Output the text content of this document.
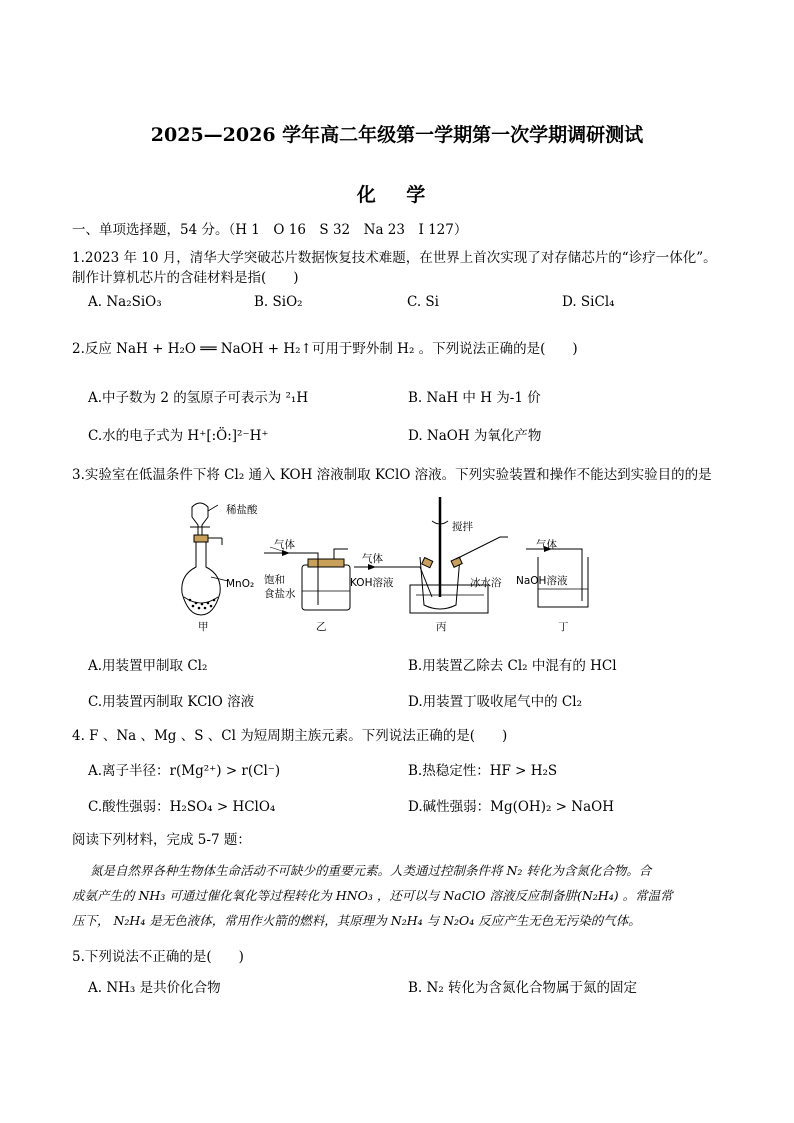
2025—2026 学年高二年级第一学期第一次学期调研测试
化 学
一、单项选择题，54 分。（H 1　O 16　S 32　Na 23　I 127）
1.2023 年 10 月，清华大学突破芯片数据恢复技术难题，在世界上首次实现了对存储芯片的“诊疗一体化”。
制作计算机芯片的含硅材料是指(　　)
A. Na₂SiO₃	B. SiO₂	C. Si	D. SiCl₄
2.反应 NaH + H₂O ══ NaOH + H₂↑可用于野外制 H₂ 。下列说法正确的是(　　)
A.中子数为 2 的氢原子可表示为 ²₁H	B. NaH 中 H 为-1 价
C.水的电子式为 H⁺[:Ö:]²⁻H⁺	D. NaOH 为氧化产物
3.实验室在低温条件下将 Cl₂ 通入 KOH 溶液制取 KClO 溶液。下列实验装置和操作不能达到实验目的的是
稀盐酸
MnO₂
甲
气体
饱和
食盐水
乙
搅拌
气体
KOH溶液	冰水浴
丙
气体
NaOH溶液
丁
A.用装置甲制取 Cl₂	B.用装置乙除去 Cl₂ 中混有的 HCl
C.用装置丙制取 KClO 溶液	D.用装置丁吸收尾气中的 Cl₂
4. F 、Na 、Mg 、S 、Cl 为短周期主族元素。下列说法正确的是(　　)
A.离子半径：r(Mg²⁺) > r(Cl⁻)	B.热稳定性：HF > H₂S
C.酸性强弱：H₂SO₄ > HClO₄	D.碱性强弱：Mg(OH)₂ > NaOH
阅读下列材料，完成 5-7 题：
氮是自然界各种生物体生命活动不可缺少的重要元素。人类通过控制条件将 N₂ 转化为含氮化合物。合
成氨产生的 NH₃ 可通过催化氧化等过程转化为 HNO₃ ，还可以与 NaClO 溶液反应制备肼(N₂H₄) 。常温常
压下， N₂H₄ 是无色液体，常用作火箭的燃料，其原理为 N₂H₄ 与 N₂O₄ 反应产生无色无污染的气体。
5.下列说法不正确的是(　　)
A. NH₃ 是共价化合物	B. N₂ 转化为含氮化合物属于氮的固定
